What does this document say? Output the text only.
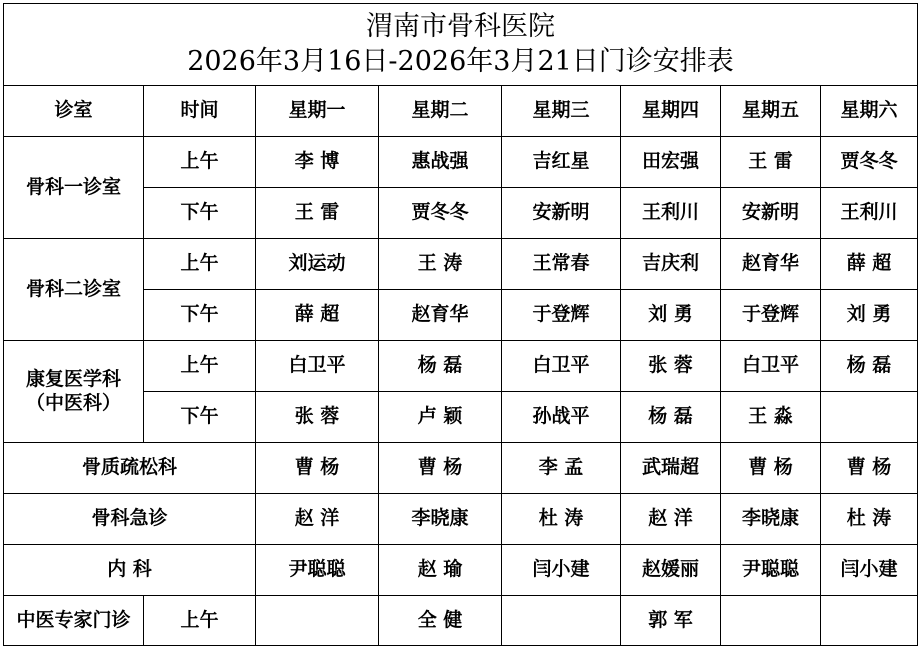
渭南市骨科医院
2026年3月16日-2026年3月21日门诊安排表							

诊室	时间	星期一	星期二	星期三	星期四	星期五	星期六
骨科一诊室	上午	李 博	惠战强	吉红星	田宏强	王 雷	贾冬冬
	下午	王 雷	贾冬冬	安新明	王利川	安新明	王利川
骨科二诊室	上午	刘运动	王 涛	王常春	吉庆利	赵育华	薛 超
	下午	薛 超	赵育华	于登辉	刘 勇	于登辉	刘 勇

康复医学科
（中医科）	上午	白卫平	杨 磊	白卫平	张 蓉	白卫平	杨 磊
	下午	张 蓉	卢 颖	孙战平	杨 磊	王 淼	
骨质疏松科		曹 杨	曹 杨	李 孟	武瑞超	曹 杨	曹 杨
骨科急诊		赵 洋	李晓康	杜 涛	赵 洋	李晓康	杜 涛
内 科		尹聪聪	赵 瑜	闫小建	赵媛丽	尹聪聪	闫小建
中医专家门诊	上午		全 健		郭 军		
